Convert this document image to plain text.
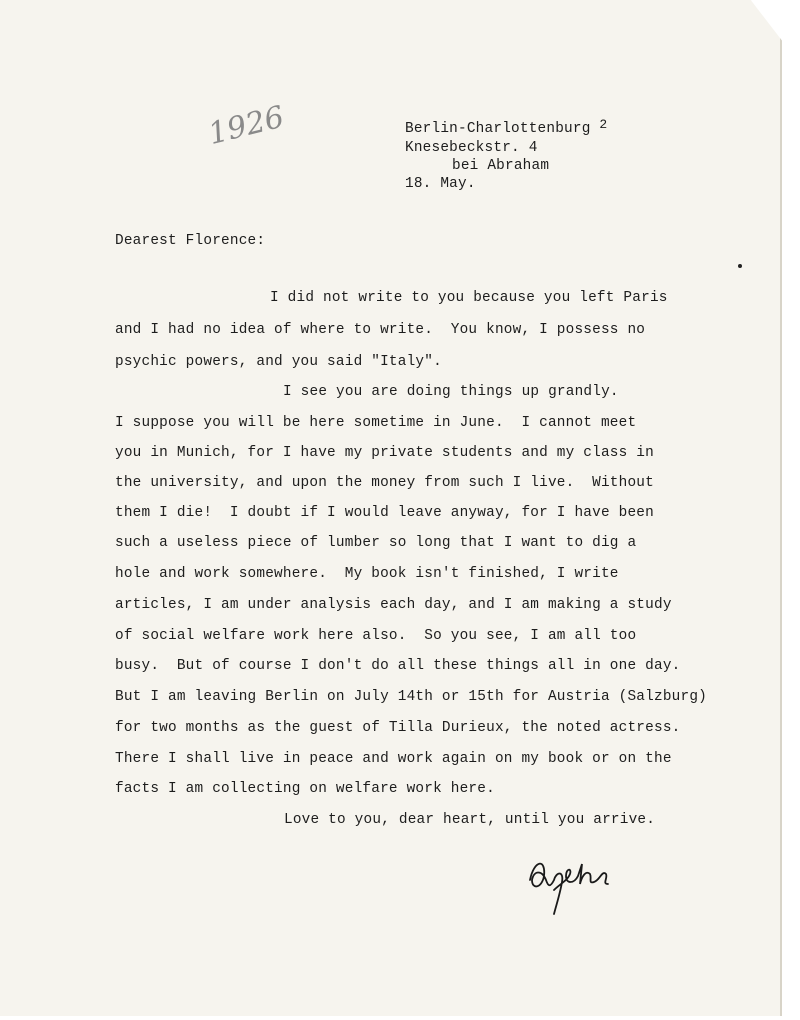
1926	Berlin-Charlottenburg 2
Knesebeckstr. 4
bei Abraham
18. May.
Dearest Florence:
I did not write to you because you left Paris
and I had no idea of where to write.  You know, I possess no
psychic powers, and you said "Italy".
I see you are doing things up grandly.
I suppose you will be here sometime in June.  I cannot meet
you in Munich, for I have my private students and my class in
the university, and upon the money from such I live.  Without
them I die!  I doubt if I would leave anyway, for I have been
such a useless piece of lumber so long that I want to dig a
hole and work somewhere.  My book isn't finished, I write
articles, I am under analysis each day, and I am making a study
of social welfare work here also.  So you see, I am all too
busy.  But of course I don't do all these things all in one day.
But I am leaving Berlin on July 14th or 15th for Austria (Salzburg)
for two months as the guest of Tilla Durieux, the noted actress.
There I shall live in peace and work again on my book or on the
facts I am collecting on welfare work here.
Love to you, dear heart, until you arrive.
